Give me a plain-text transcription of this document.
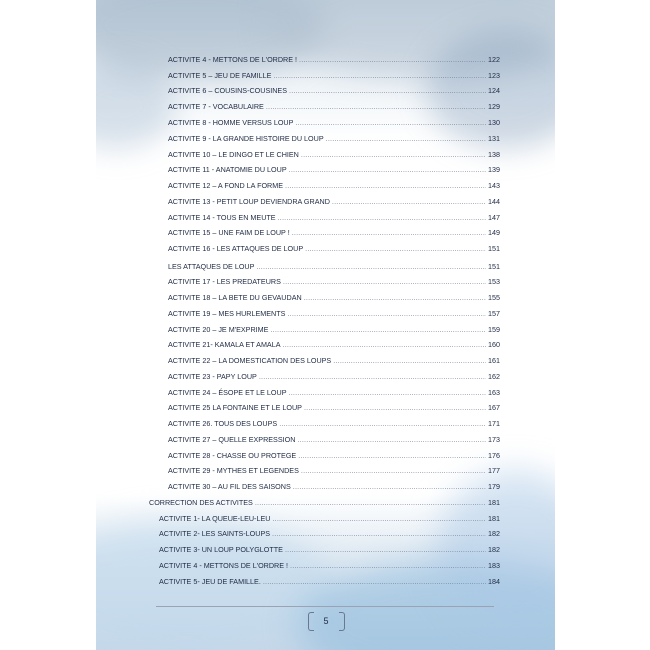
ACTIVITE 4 - METTONS DE L'ORDRE ! .....	122
ACTIVITE 5 – JEU DE FAMILLE .....	123
ACTIVITE 6 – COUSINS-COUSINES .....	124
ACTIVITE 7 - VOCABULAIRE .....	129
ACTIVITE 8 - HOMME VERSUS LOUP .....	130
ACTIVITE 9 - LA GRANDE HISTOIRE DU LOUP .....	131
ACTIVITE 10 – LE DINGO ET LE CHIEN .....	138
ACTIVITE 11 - ANATOMIE DU LOUP .....	139
ACTIVITE 12 – A FOND LA FORME .....	143
ACTIVITE 13 - PETIT LOUP DEVIENDRA GRAND .....	144
ACTIVITE 14 - TOUS EN MEUTE .....	147
ACTIVITE 15 – UNE FAIM DE LOUP ! .....	149
ACTIVITE 16 - LES ATTAQUES DE LOUP .....	151
LES ATTAQUES DE LOUP .....	151
ACTIVITE 17 - LES PREDATEURS .....	153
ACTIVITE 18 – LA BETE DU GEVAUDAN .....	155
ACTIVITE 19 – MES HURLEMENTS .....	157
ACTIVITE 20 – JE M'EXPRIME .....	159
ACTIVITE 21- KAMALA ET AMALA .....	160
ACTIVITE 22 – LA DOMESTICATION DES LOUPS .....	161
ACTIVITE 23 - PAPY LOUP .....	162
ACTIVITE 24 – ÉSOPE ET LE LOUP .....	163
ACTIVITE 25 LA FONTAINE ET LE LOUP .....	167
ACTIVITE 26. TOUS DES LOUPS .....	171
ACTIVITE 27 – QUELLE EXPRESSION .....	173
ACTIVITE 28 - CHASSE OU PROTEGE .....	176
ACTIVITE 29 - MYTHES ET LEGENDES .....	177
ACTIVITE 30 – AU FIL DES SAISONS .....	179
CORRECTION DES ACTIVITES .....	181
ACTIVITE 1- LA QUEUE-LEU-LEU .....	181
ACTIVITE 2- LES SAINTS-LOUPS .....	182
ACTIVITE 3- UN LOUP POLYGLOTTE .....	182
ACTIVITE 4 - METTONS DE L'ORDRE ! .....	183
ACTIVITE 5- JEU DE FAMILLE. .....	184
5
